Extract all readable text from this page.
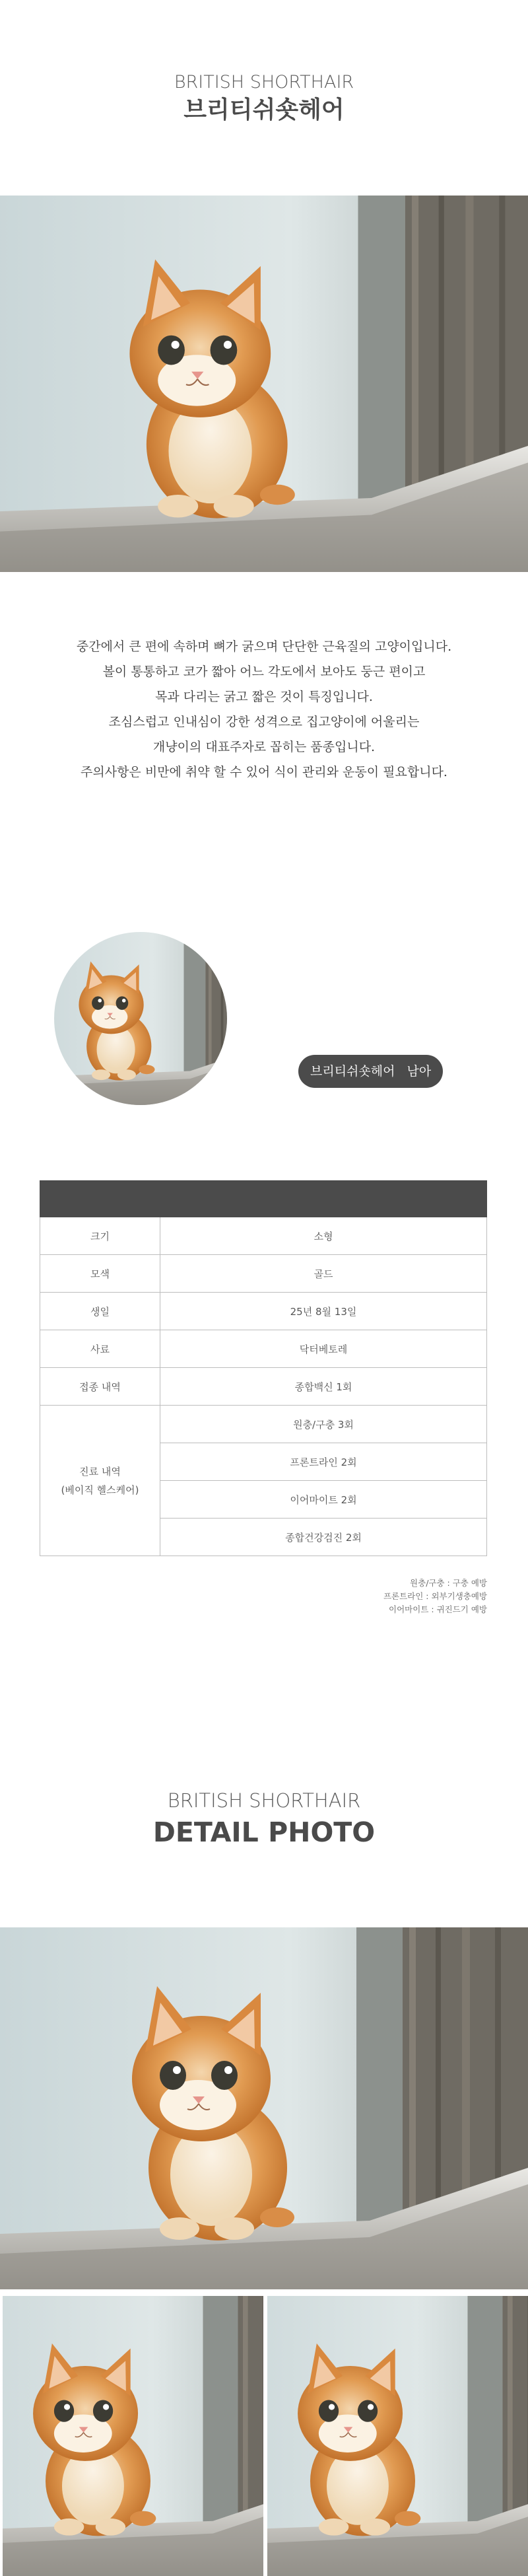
BRITISH SHORTHAIR
브리티쉬숏헤어
중간에서 큰 편에 속하며 뼈가 굵으며 단단한 근육질의 고양이입니다.
볼이 통통하고 코가 짧아 어느 각도에서 보아도 둥근 편이고
목과 다리는 굵고 짧은 것이 특징입니다.
조심스럽고 인내심이 강한 성격으로 집고양이에 어울리는
개냥이의 대표주자로 꼽히는 품종입니다.
주의사항은 비만에 취약 할 수 있어 식이 관리와 운동이 필요합니다.
브리티쉬숏헤어 남아

크기	소형
모색	골드
생일	25년 8월 13일
사료	닥터베토레
접종 내역	종합백신 1회

진료 내역
(베이직 헬스케어)	원충/구충 3회
	프론트라인 2회
	이어마이트 2회
	종합건강검진 2회
원충/구충 : 구충 예방
프론트라인 : 외부기생충예방
이어마이트 : 귀진드기 예방
BRITISH SHORTHAIR
DETAIL PHOTO
